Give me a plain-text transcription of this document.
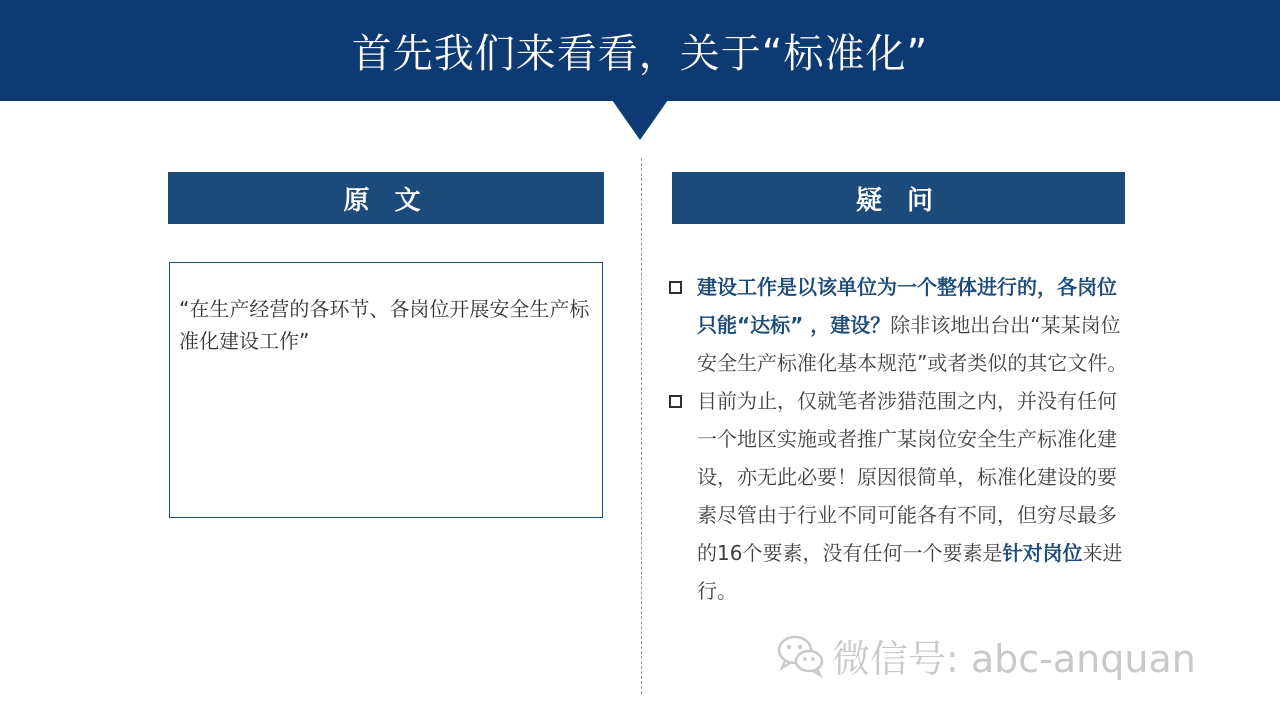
首先我们来看看，关于“标准化”
原 文	疑 问
“在生产经营的各环节、各岗位开展安全生产标准化建设工作”
建设工作是以该单位为一个整体进行的，各岗位只能“达标” ，建设？除非该地出台出“某某岗位安全生产标准化基本规范”或者类似的其它文件。
目前为止，仅就笔者涉猎范围之内，并没有任何一个地区实施或者推广某岗位安全生产标准化建设，亦无此必要！原因很简单，标准化建设的要素尽管由于行业不同可能各有不同，但穷尽最多的16个要素，没有任何一个要素是针对岗位来进行。
微信号: abc-anquan
